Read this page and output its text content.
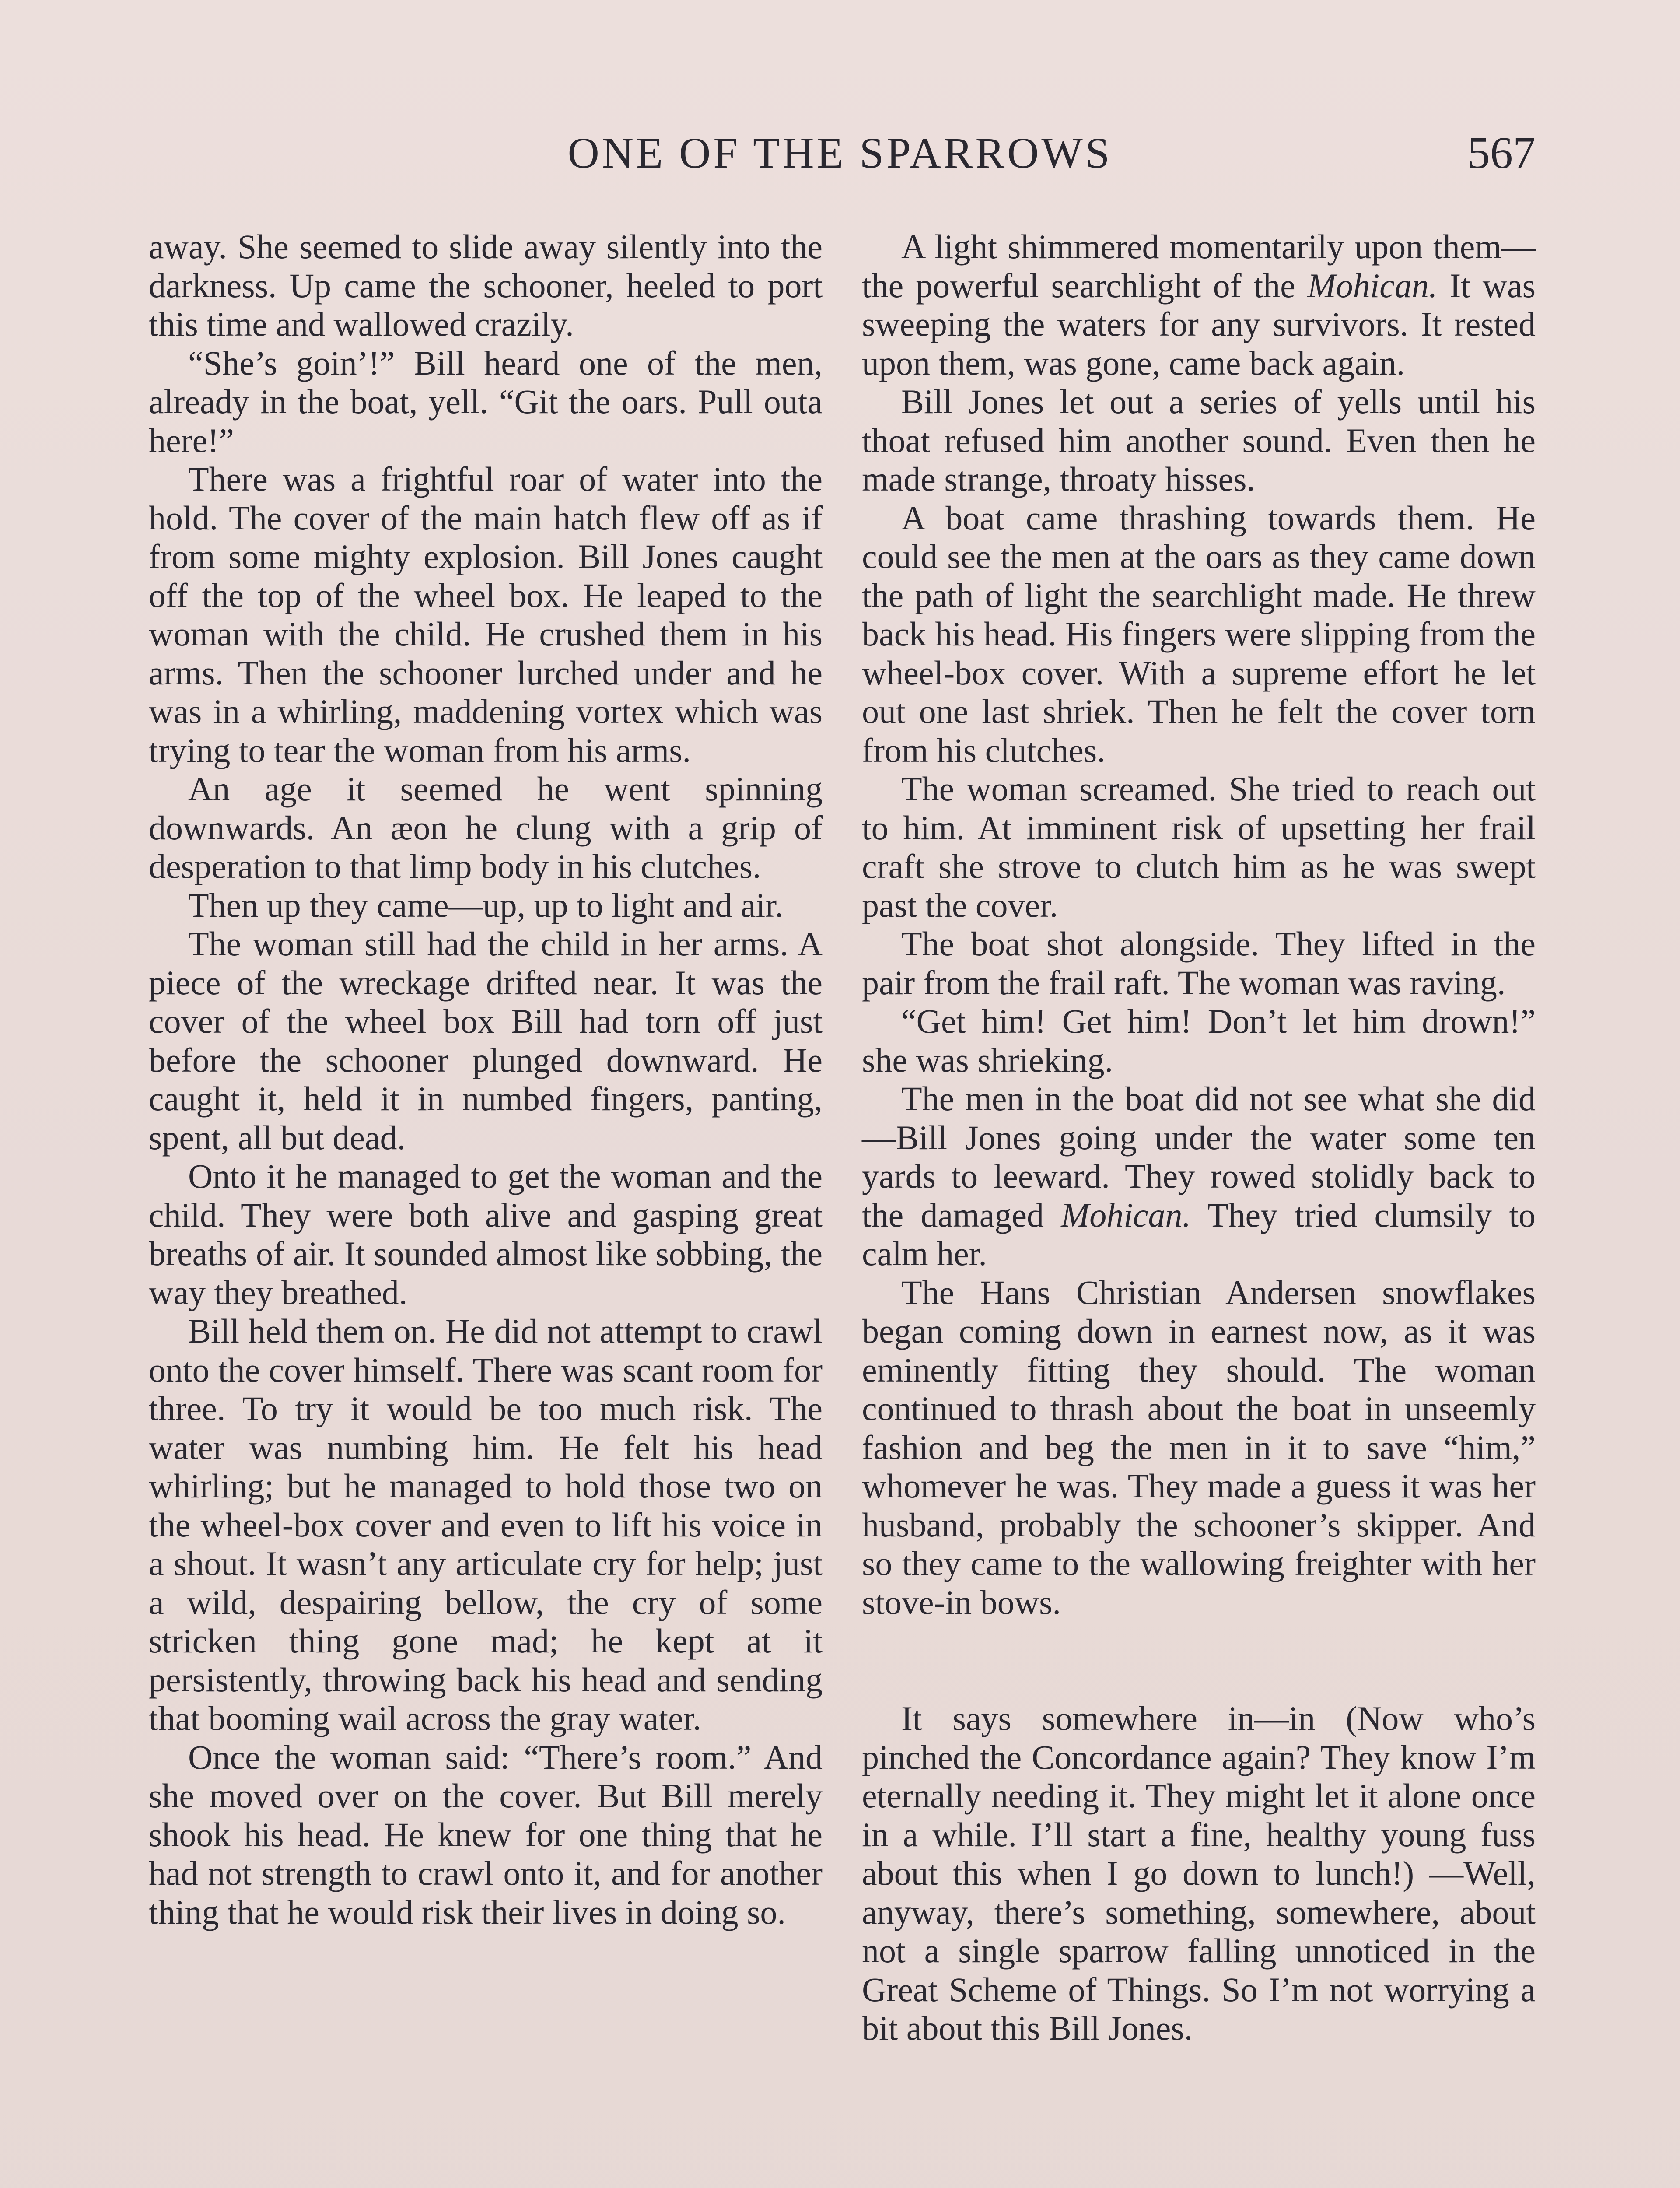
ONE OF THE SPARROWS	567

away. She seemed to slide away silently into the darkness. Up came the schooner, heeled to port this time and wallowed crazily.

“She’s goin’!” Bill heard one of the men, already in the boat, yell. “Git the oars. Pull outa here!”

There was a frightful roar of water into the hold. The cover of the main hatch flew off as if from some mighty explosion. Bill Jones caught off the top of the wheel box. He leaped to the woman with the child. He crushed them in his arms. Then the schooner lurched under and he was in a whirling, maddening vortex which was trying to tear the woman from his arms.

An age it seemed he went spinning downwards. An æon he clung with a grip of desperation to that limp body in his clutches.

Then up they came—up, up to light and air.

The woman still had the child in her arms. A piece of the wreckage drifted near. It was the cover of the wheel box Bill had torn off just before the schooner plunged downward. He caught it, held it in numbed fingers, panting, spent, all but dead.

Onto it he managed to get the woman and the child. They were both alive and gasping great breaths of air. It sounded almost like sobbing, the way they breathed.

Bill held them on. He did not attempt to crawl onto the cover himself. There was scant room for three. To try it would be too much risk. The water was numbing him. He felt his head whirling; but he managed to hold those two on the wheel-box cover and even to lift his voice in a shout. It wasn’t any articulate cry for help; just a wild, despairing bellow, the cry of some stricken thing gone mad; he kept at it persistently, throwing back his head and sending that booming wail across the gray water.

Once the woman said: “There’s room.” And she moved over on the cover. But Bill merely shook his head. He knew for one thing that he had not strength to crawl onto it, and for another thing that he would risk their lives in doing so.

A light shimmered momentarily upon them—the powerful searchlight of the Mohican. It was sweeping the waters for any survivors. It rested upon them, was gone, came back again.

Bill Jones let out a series of yells until his thoat refused him another sound. Even then he made strange, throaty hisses.

A boat came thrashing towards them. He could see the men at the oars as they came down the path of light the searchlight made. He threw back his head. His fingers were slipping from the wheel-box cover. With a supreme effort he let out one last shriek. Then he felt the cover torn from his clutches.

The woman screamed. She tried to reach out to him. At imminent risk of upsetting her frail craft she strove to clutch him as he was swept past the cover.

The boat shot alongside. They lifted in the pair from the frail raft. The woman was raving.

“Get him! Get him! Don’t let him drown!” she was shrieking.

The men in the boat did not see what she did—Bill Jones going under the water some ten yards to leeward. They rowed stolidly back to the damaged Mohican. They tried clumsily to calm her.

The Hans Christian Andersen snowflakes began coming down in earnest now, as it was eminently fitting they should. The woman continued to thrash about the boat in unseemly fashion and beg the men in it to save “him,” whomever he was. They made a guess it was her husband, probably the schooner’s skipper. And so they came to the wallowing freighter with her stove-in bows.

It says somewhere in—in (Now who’s pinched the Concordance again? They know I’m eternally needing it. They might let it alone once in a while. I’ll start a fine, healthy young fuss about this when I go down to lunch!) —Well, anyway, there’s something, somewhere, about not a single sparrow falling unnoticed in the Great Scheme of Things. So I’m not worrying a bit about this Bill Jones.
